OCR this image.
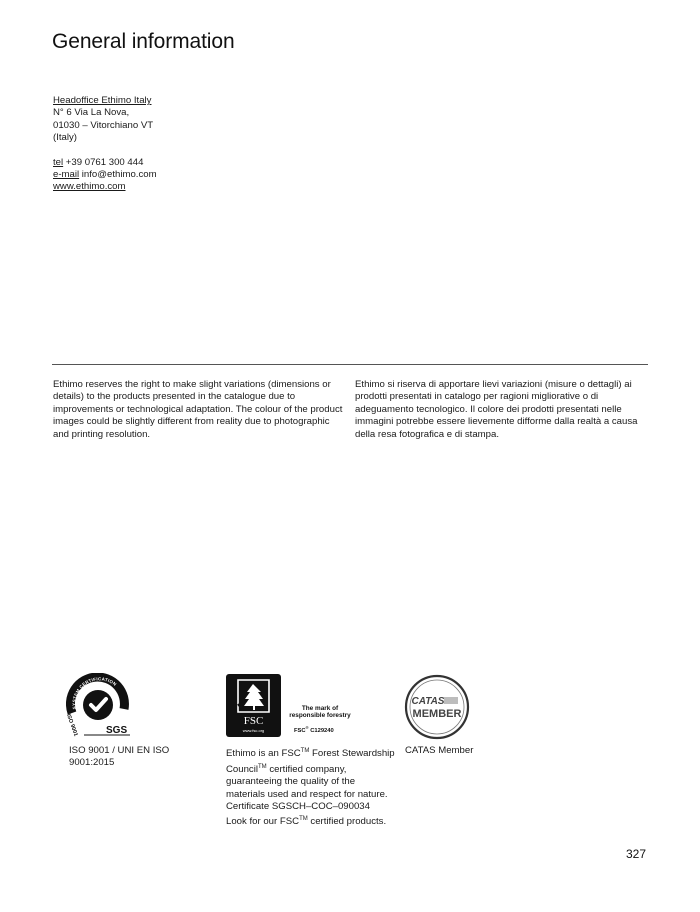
General information
Headoffice Ethimo Italy
N° 6 Via La Nova,
01030 – Vitorchiano VT
(Italy)
tel +39 0761 300 444
e-mail info@ethimo.com
www.ethimo.com
Ethimo reserves the right to make slight variations (dimensions or details) to the products presented in the catalogue due to improvements or technological adaptation. The colour of the product images could be slightly different from reality due to photographic and printing resolution.
Ethimo si riserva di apportare lievi variazioni (misure o dettagli) ai prodotti presentati in catalogo per ragioni migliorative o di adeguamento tecnologico. Il colore dei prodotti presentati nelle immagini potrebbe essere lievemente difforme dalla realtà a causa della resa fotografica e di stampa.
SYSTEM CERTIFICATION
ISO 9001	SGS
FSC
www.fsc.org
The mark of responsible forestry
FSC® C129240
CATAS
MEMBER
ISO 9001 / UNI EN ISO 9001:2015
Ethimo is an FSC™ Forest Stewardship Council™ certified company, guaranteeing the quality of the materials used and respect for nature.
Certificate SGSCH–COC–090034
Look for our FSC™ certified products.
CATAS Member
327
